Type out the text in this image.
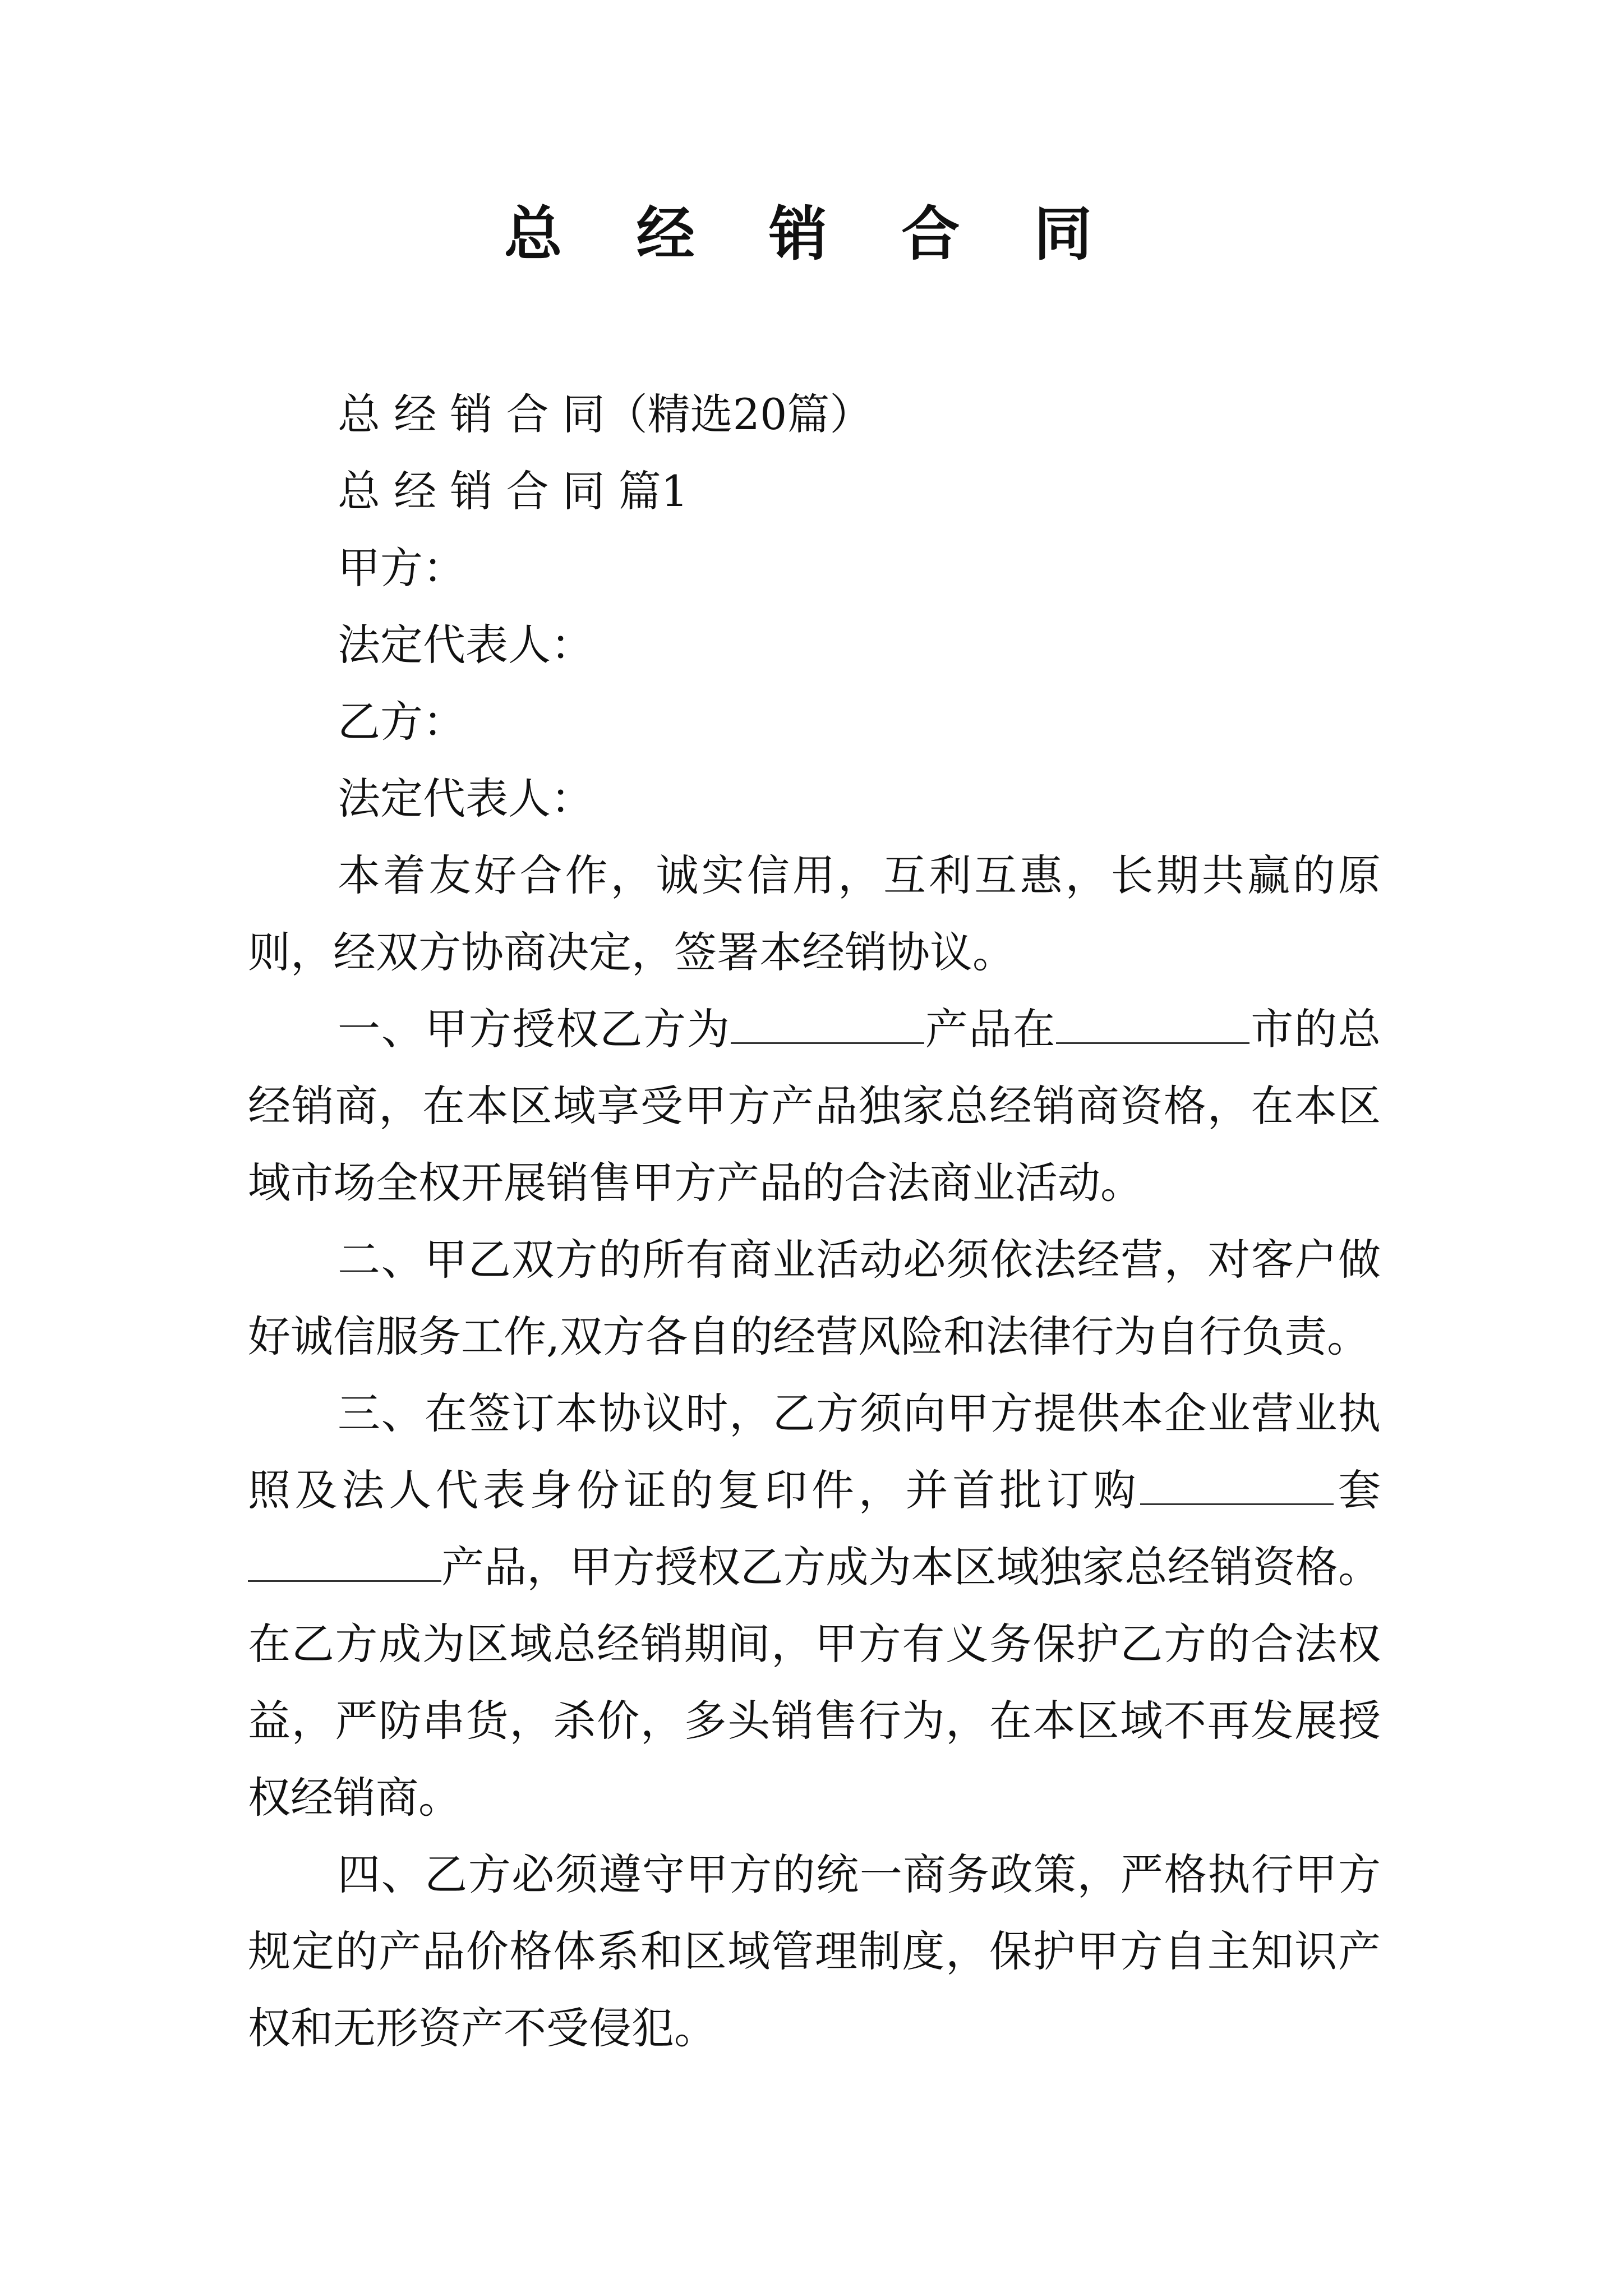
总 经 销 合 同

总 经 销 合 同（精选20篇）

总 经 销 合 同 篇1

甲方：

法定代表人：

乙方：

法定代表人：

本着友好合作，诚实信用，互利互惠，长期共赢的原则，经双方协商决定，签署本经销协议。

一、甲方授权乙方为	产品在	市的总经销商，在本区域享受甲方产品独家总经销商资格，在本区域市场全权开展销售甲方产品的合法商业活动。

二、甲乙双方的所有商业活动必须依法经营，对客户做好诚信服务工作,双方各自的经营风险和法律行为自行负责。

三、在签订本协议时，乙方须向甲方提供本企业营业执照及法人代表身份证的复印件，并首批订购	套产品，甲方授权乙方成为本区域独家总经销资格。在乙方成为区域总经销期间，甲方有义务保护乙方的合法权益，严防串货，杀价，多头销售行为，在本区域不再发展授权经销商。

四、乙方必须遵守甲方的统一商务政策，严格执行甲方规定的产品价格体系和区域管理制度，保护甲方自主知识产权和无形资产不受侵犯。
